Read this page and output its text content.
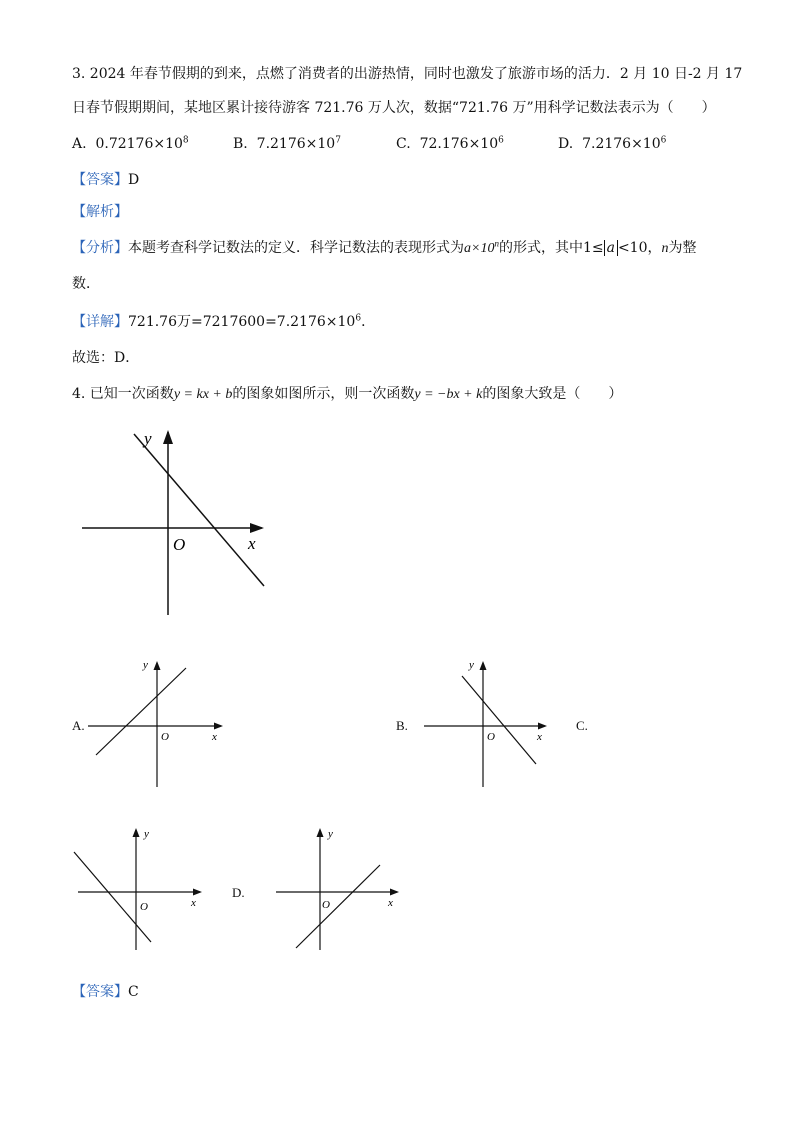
3. 2024 年春节假期的到来，点燃了消费者的出游热情，同时也激发了旅游市场的活力．2 月 10 日-2 月 17
日春节假期期间，某地区累计接待游客 721.76 万人次，数据“721.76 万”用科学记数法表示为（　　）
A. $0.72176\times 10^8$	B. $7.2176\times 10^7$	C. $72.176\times 10^6$	D. $7.2176\times 10^6$
【答案】D
【解析】
【分析】本题考查科学记数法的定义．科学记数法的表现形式为$a\times 10^n$的形式，其中1≤ a <10，n为整
数．
【详解】721.76万$=7217600=7.2176\times 10^6$．
故选：D．
4. 已知一次函数y = kx + b的图象如图所示，则一次函数y = −bx + k的图象大致是（　　）
y
x
O
A.
y
x
O
B.
y
x
O
C.
y
x
O
D.
y
x
O
【答案】C
